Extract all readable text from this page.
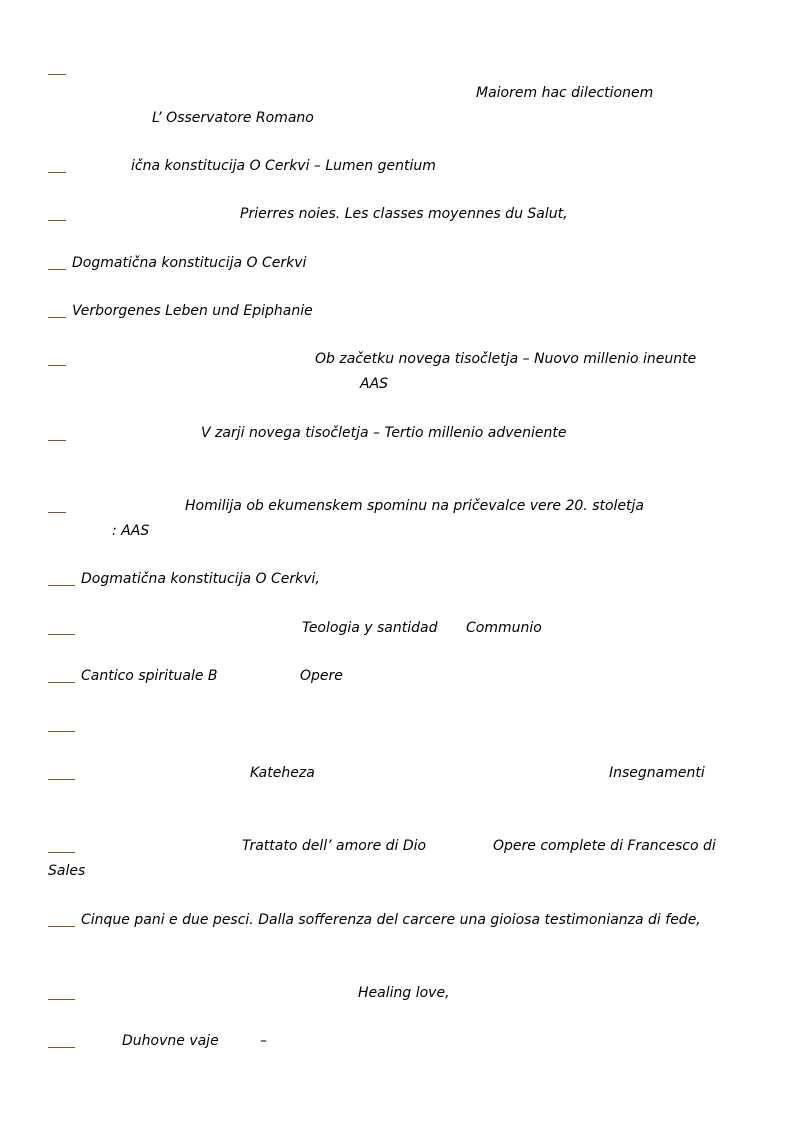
Maiorem hac dilectionem
L’ Osservatore Romano
ična konstitucija O Cerkvi – Lumen gentium
Prierres noies. Les classes moyennes du Salut,
Dogmatična konstitucija O Cerkvi
Verborgenes Leben und Epiphanie
Ob začetku novega tisočletja – Nuovo millenio ineunte
AAS
V zarji novega tisočletja – Tertio millenio adveniente
Homilija ob ekumenskem spominu na pričevalce vere 20. stoletja
: AAS
Dogmatična konstitucija O Cerkvi,
Teologia y santidad Communio
Cantico spirituale B	Opere
Kateheza	Insegnamenti
Trattato dell’ amore di Dio	Opere complete di Francesco di
Sales
Cinque pani e due pesci. Dalla sofferenza del carcere una gioiosa testimonianza di fede,
Healing love,
Duhovne vaje	–
